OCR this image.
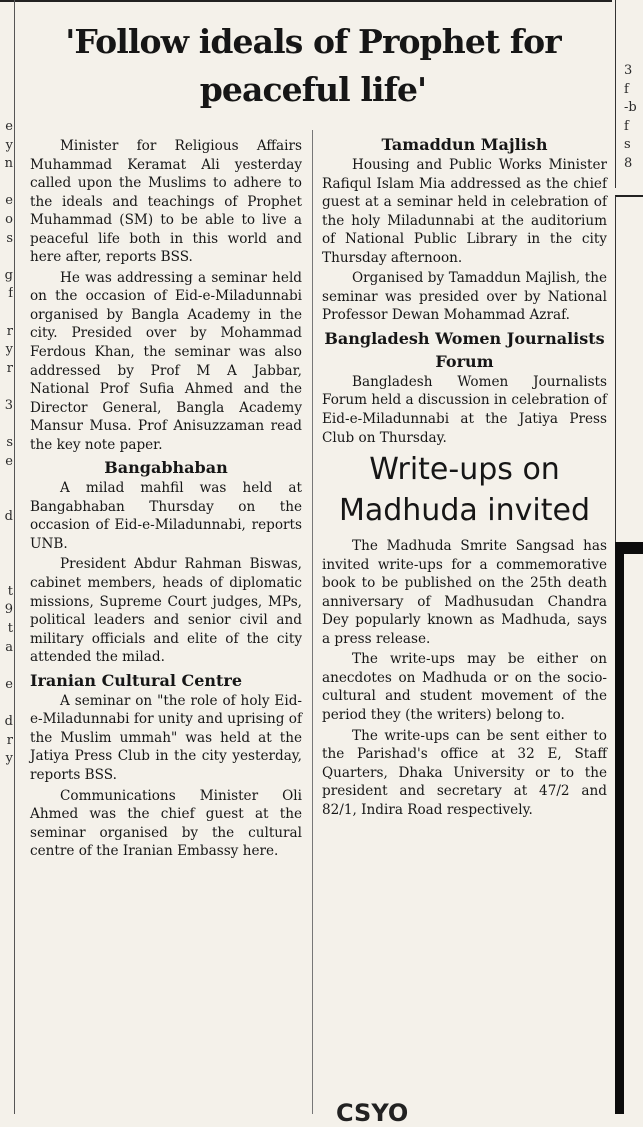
e
y
n

e
o
s

g
f

r
y
r

3

s
e

d

t
9
t
a

e

d
r
y
3
f
-b
f
s
8
'Follow ideals of Prophet for peaceful life'

Minister for Religious Affairs Muhammad Keramat Ali yesterday called upon the Muslims to adhere to the ideals and teachings of Prophet Muhammad (SM) to be able to live a peaceful life both in this world and here after, reports BSS.

He was addressing a seminar held on the occasion of Eid-e-Miladunnabi organised by Bangla Academy in the city. Presided over by Mohammad Ferdous Khan, the seminar was also addressed by Prof M A Jabbar, National Prof Sufia Ahmed and the Director General, Bangla Academy Mansur Musa. Prof Anisuzzaman read the key note paper.

Bangabhaban

A milad mahfil was held at Bangabhaban Thursday on the occasion of Eid-e-Miladunnabi, reports UNB.

President Abdur Rahman Biswas, cabinet members, heads of diplomatic missions, Supreme Court judges, MPs, political leaders and senior civil and military officials and elite of the city attended the milad.

Iranian Cultural Centre

A seminar on "the role of holy Eid-e-Miladunnabi for unity and uprising of the Muslim ummah" was held at the Jatiya Press Club in the city yesterday, reports BSS.

Communications Minister Oli Ahmed was the chief guest at the seminar organised by the cultural centre of the Iranian Embassy here.

Tamaddun Majlish

Housing and Public Works Minister Rafiqul Islam Mia addressed as the chief guest at a seminar held in celebration of the holy Miladunnabi at the auditorium of National Public Library in the city Thursday afternoon.

Organised by Tamaddun Majlish, the seminar was presided over by National Professor Dewan Mohammad Azraf.

Bangladesh Women Journalists Forum

Bangladesh Women Journalists Forum held a discussion in celebration of Eid-e-Miladunnabi at the Jatiya Press Club on Thursday.

Write-ups on Madhuda invited

The Madhuda Smrite Sangsad has invited write-ups for a commemorative book to be published on the 25th death anniversary of Madhusudan Chandra Dey popularly known as Madhuda, says a press release.

The write-ups may be either on anecdotes on Madhuda or on the socio-cultural and student movement of the period they (the writers) belong to.

The write-ups can be sent either to the Parishad's office at 32 E, Staff Quarters, Dhaka University or to the president and secretary at 47/2 and 82/1, Indira Road respectively.

CSYO
